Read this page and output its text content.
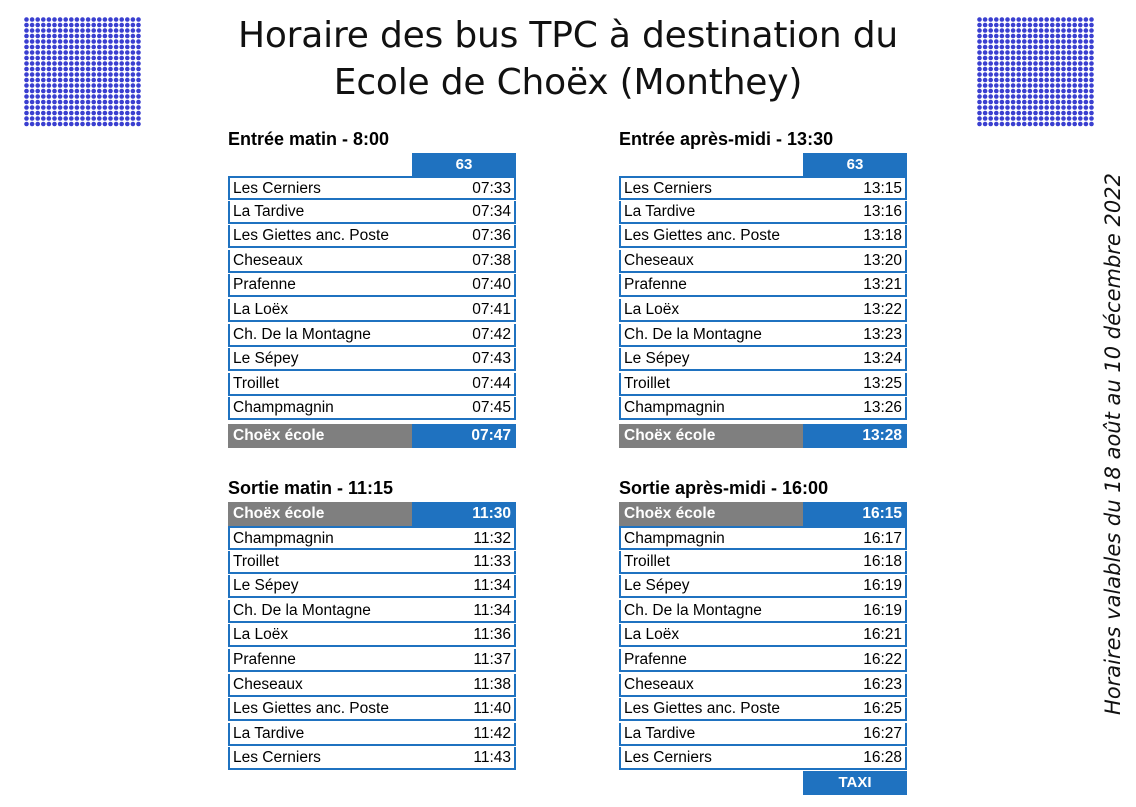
Horaire des bus TPC à destination du
Ecole de Choëx (Monthey)
Horaires valables du 18 août au 10 décembre 2022
Entrée matin - 8:00
63
Les Cerniers	07:33
La Tardive	07:34
Les Giettes anc. Poste	07:36
Cheseaux	07:38
Prafenne	07:40
La Loëx	07:41
Ch. De la Montagne	07:42
Le Sépey	07:43
Troillet	07:44
Champmagnin	07:45
Choëx école	07:47
Entrée après-midi - 13:30
63
Les Cerniers	13:15
La Tardive	13:16
Les Giettes anc. Poste	13:18
Cheseaux	13:20
Prafenne	13:21
La Loëx	13:22
Ch. De la Montagne	13:23
Le Sépey	13:24
Troillet	13:25
Champmagnin	13:26
Choëx école	13:28
Sortie matin - 11:15
Choëx école	11:30
Champmagnin	11:32
Troillet	11:33
Le Sépey	11:34
Ch. De la Montagne	11:34
La Loëx	11:36
Prafenne	11:37
Cheseaux	11:38
Les Giettes anc. Poste	11:40
La Tardive	11:42
Les Cerniers	11:43
Sortie après-midi - 16:00
Choëx école	16:15
Champmagnin	16:17
Troillet	16:18
Le Sépey	16:19
Ch. De la Montagne	16:19
La Loëx	16:21
Prafenne	16:22
Cheseaux	16:23
Les Giettes anc. Poste	16:25
La Tardive	16:27
Les Cerniers	16:28
TAXI
